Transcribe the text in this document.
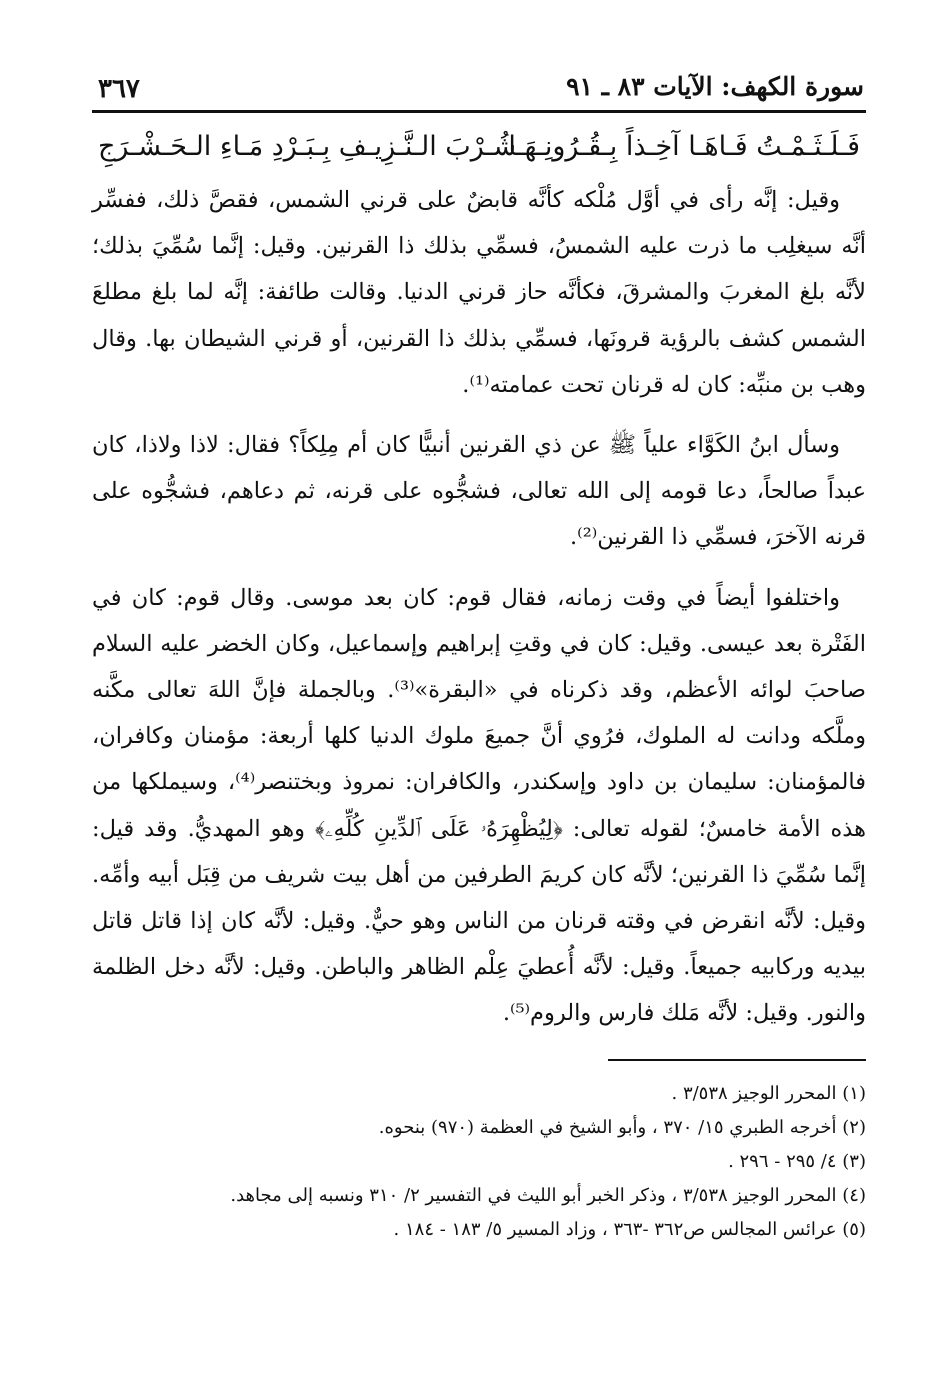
سورة الكهف: الآيات ٨٣ ـ ٩١
٣٦٧
فَـلَـثَـمْـتُ فَـاهَـا آخِـذاً بِـقُـرُونِـهَـا
شُـرْبَ الـنَّـزِيـفِ بِـبَـرْدِ مَـاءِ الـحَـشْـرَجِ

وقيل: إنَّه رأى في أوَّل مُلْكه كأنَّه قابضٌ على قرني الشمس، فقصَّ ذلك، ففسِّر أنَّه سيغلِب ما ذرت عليه الشمسُ، فسمِّي بذلك ذا القرنين. وقيل: إنَّما سُمِّيَ بذلك؛ لأنَّه بلغ المغربَ والمشرقَ، فكأنَّه حاز قرني الدنيا. وقالت طائفة: إنَّه لما بلغ مطلعَ الشمس كشف بالرؤية قرونَها، فسمِّي بذلك ذا القرنين، أو قرني الشيطان بها. وقال وهب بن منبِّه: كان له قرنان تحت عمامته⁽¹⁾.

وسأل ابنُ الكَوَّاء علياً ﷺ عن ذي القرنين أنبيًّا كان أم مِلِكاً؟ فقال: لاذا ولاذا، كان عبداً صالحاً، دعا قومه إلى الله تعالى، فشجُّوه على قرنه، ثم دعاهم، فشجُّوه على قرنه الآخرَ، فسمِّي ذا القرنين⁽²⁾.

واختلفوا أيضاً في وقت زمانه، فقال قوم: كان بعد موسى. وقال قوم: كان في الفَتْرة بعد عيسى. وقيل: كان في وقتِ إبراهيم وإسماعيل، وكان الخضر عليه السلام صاحبَ لوائه الأعظم، وقد ذكرناه في «البقرة»⁽³⁾. وبالجملة فإنَّ اللهَ تعالى مكَّنه وملَّكه ودانت له الملوك، فرُوي أنَّ جميعَ ملوك الدنيا كلها أربعة: مؤمنان وكافران، فالمؤمنان: سليمان بن داود وإسكندر، والكافران: نمروذ وبختنصر⁽⁴⁾، وسيملكها من هذه الأمة خامسٌ؛ لقوله تعالى: ﴿لِيُظْهِرَهُۥ عَلَى ٱلدِّينِ كُلِّهِۦ﴾ وهو المهديُّ. وقد قيل: إنَّما سُمِّيَ ذا القرنين؛ لأنَّه كان كريمَ الطرفين من أهل بيت شريف من قِبَل أبيه وأمِّه. وقيل: لأنَّه انقرض في وقته قرنان من الناس وهو حيٌّ. وقيل: لأنَّه كان إذا قاتل قاتل بيديه وركابيه جميعاً. وقيل: لأنَّه أُعطيَ عِلْم الظاهر والباطن. وقيل: لأنَّه دخل الظلمة والنور. وقيل: لأنَّه مَلك فارس والروم⁽⁵⁾.

(١) المحرر الوجيز ٣/٥٣٨ .
(٢) أخرجه الطبري ١٥/ ٣٧٠ ، وأبو الشيخ في العظمة (٩٧٠) بنحوه.
(٣) ٤/ ٢٩٥ - ٢٩٦ .
(٤) المحرر الوجيز ٣/٥٣٨ ، وذكر الخبر أبو الليث في التفسير ٢/ ٣١٠ ونسبه إلى مجاهد.
(٥) عرائس المجالس ص٣٦٢ -٣٦٣ ، وزاد المسير ٥/ ١٨٣ - ١٨٤ .
